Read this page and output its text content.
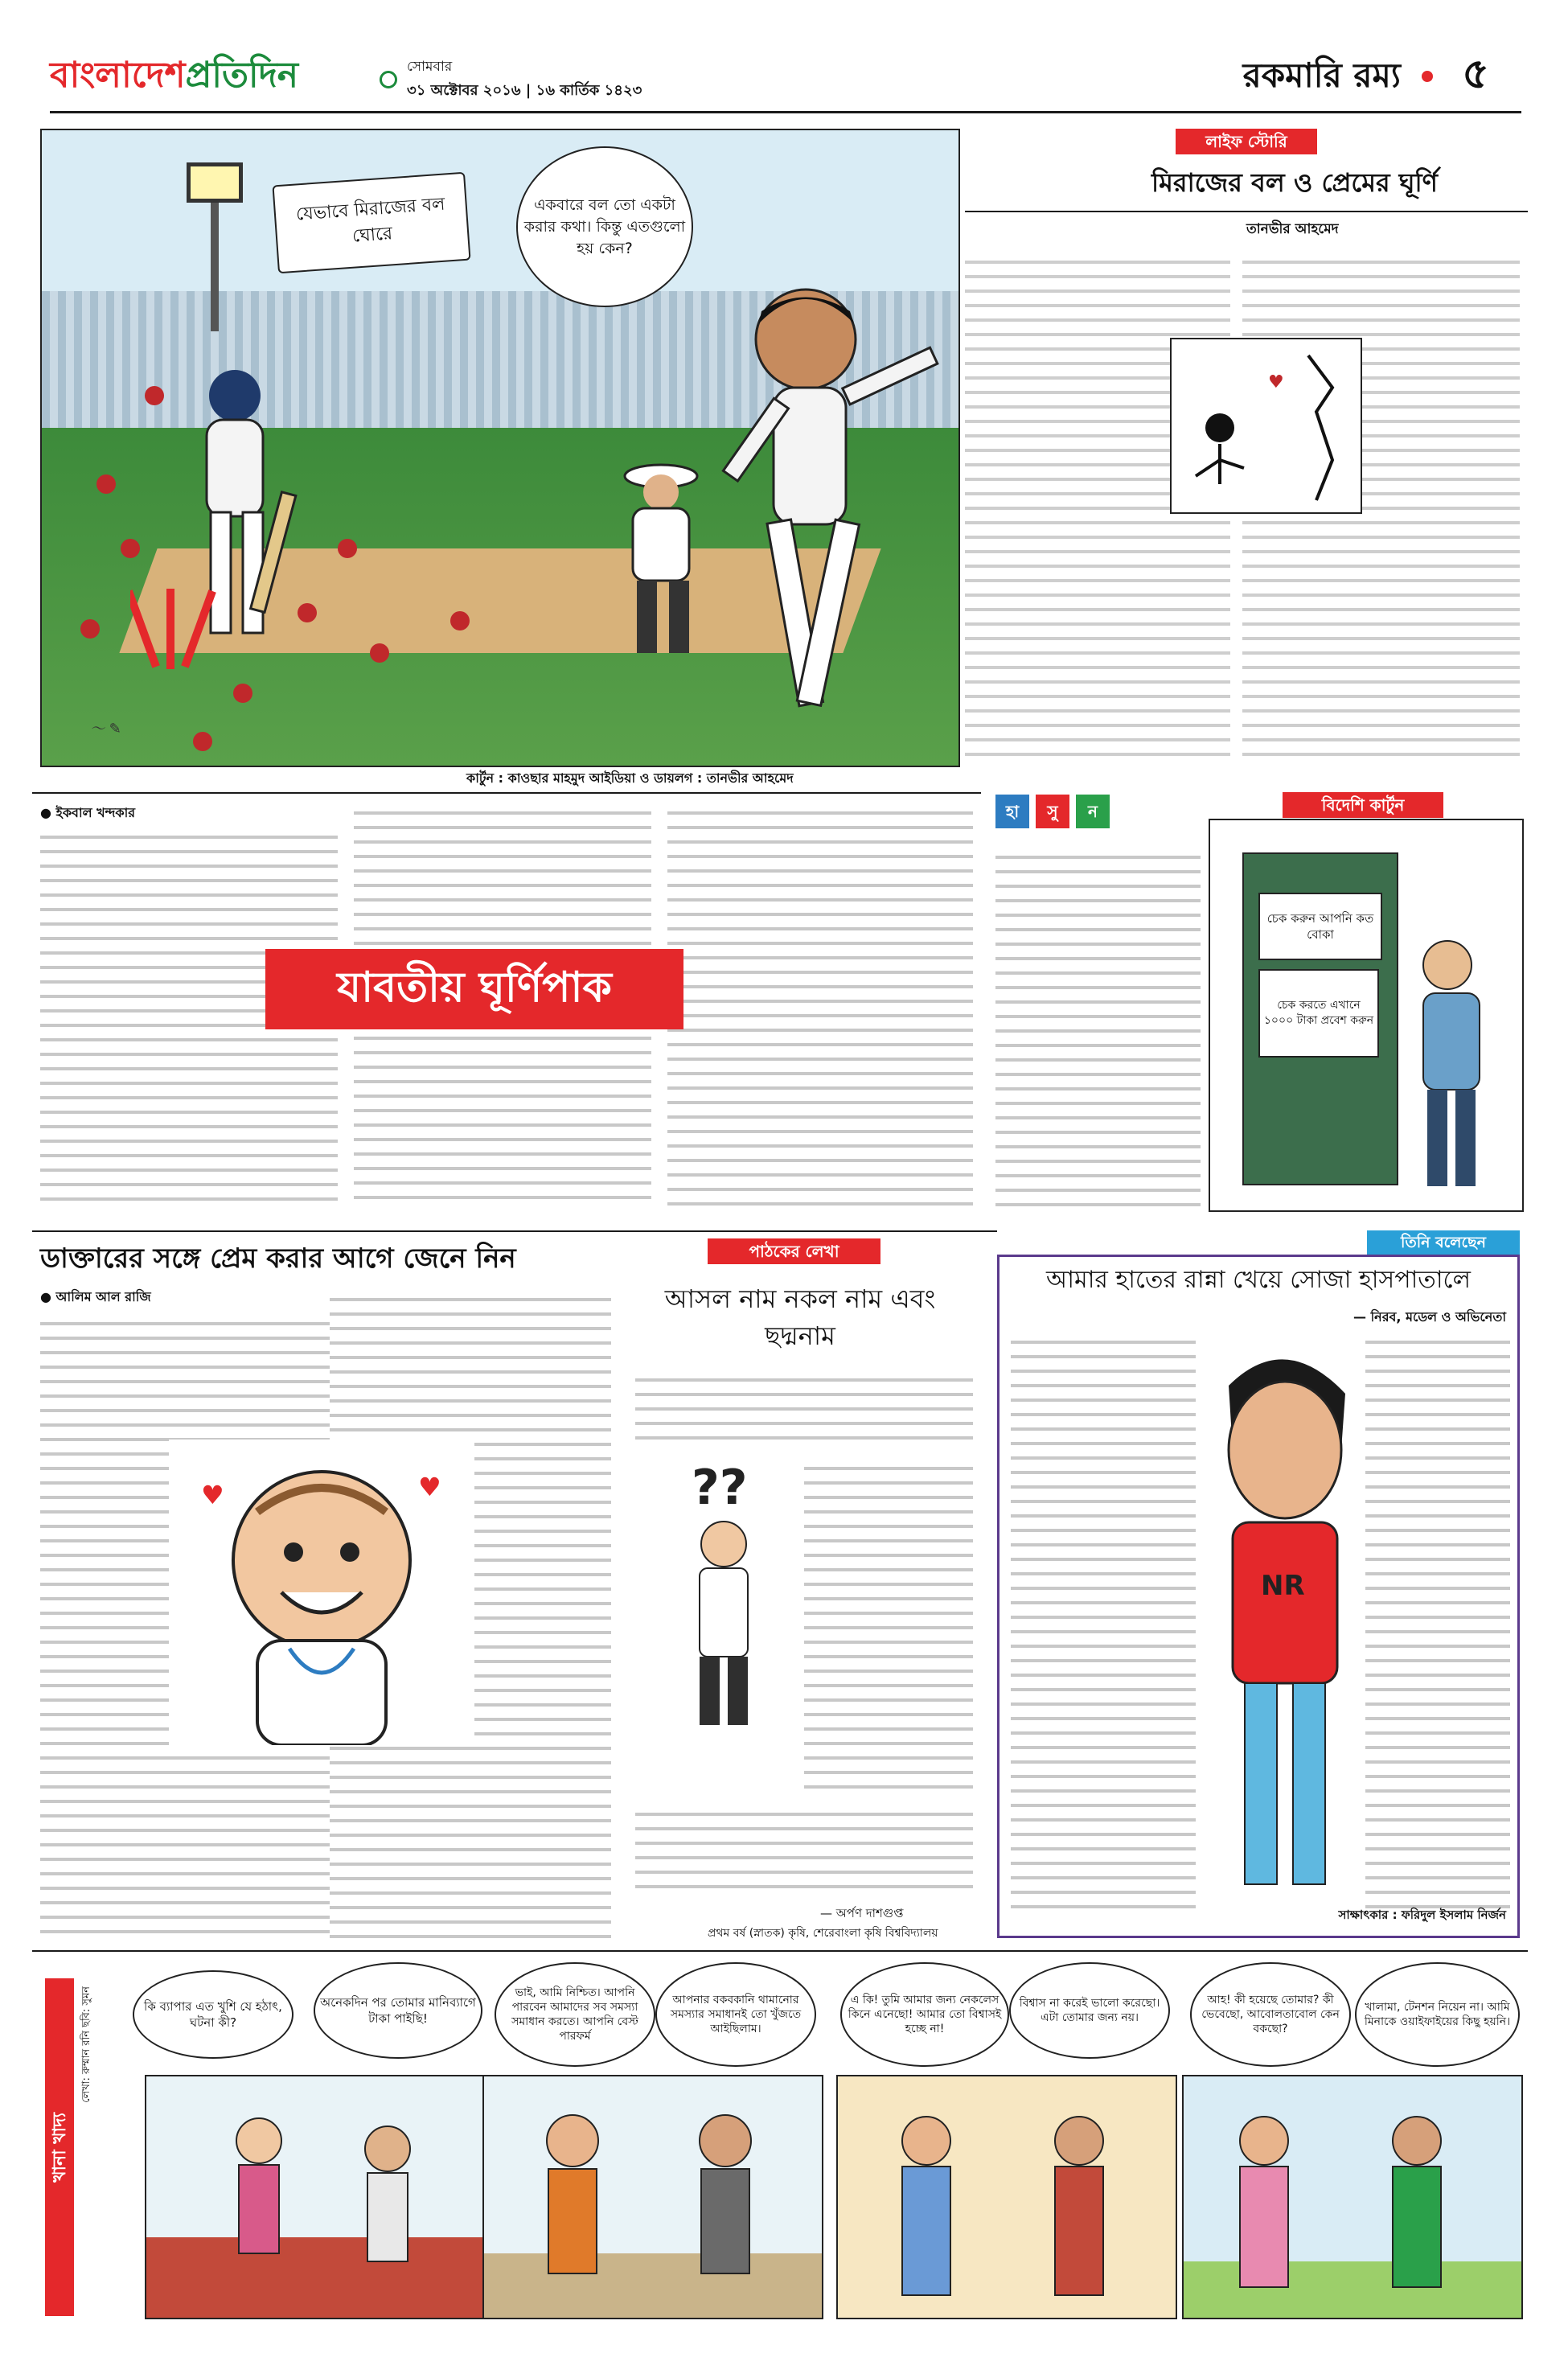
বাংলাদেশপ্রতিদিন	সোমবার
৩১ অক্টোবর ২০১৬ | ১৬ কার্তিক ১৪২৩	রকমারি রম্য ৫
যেভাবে মিরাজের বল ঘোরে
একবারে বল তো একটা করার কথা। কিন্তু এতগুলো হয় কেন?
〜 ✎
কার্টুন : কাওছার মাহমুদ আইডিয়া ও ডায়লগ : তানভীর আহমেদ
লাইফ স্টোরি
মিরাজের বল ও প্রেমের ঘূর্ণি
তানভীর আহমেদ
♥
● ইকবাল খন্দকার
যাবতীয় ঘূর্ণিপাক
হা সু ন	বিদেশি কার্টুন
চেক করুন আপনি কত বোকা
চেক করতে এখানে ১০০০ টাকা প্রবেশ করুন
ডাক্তারের সঙ্গে প্রেম করার আগে জেনে নিন
● আলিম আল রাজি
♥	♥
পাঠকের লেখা
আসল নাম নকল নাম এবং ছদ্মনাম
??
— অর্পণ দাশগুপ্ত
প্রথম বর্ষ (স্নাতক) কৃষি, শেরেবাংলা কৃষি বিশ্ববিদ্যালয়
তিনি বলেছেন
আমার হাতের রান্না খেয়ে সোজা হাসপাতালে
— নিরব, মডেল ও অভিনেতা
NR
সাক্ষাৎকার : ফরিদুল ইসলাম নির্জন
খানা খাদ্য
লেখা: রুম্মান রনি ছবি: সুমন	কি ব্যাপার এত খুশি যে হঠাৎ, ঘটনা কী?
অনেকদিন পর তোমার মানিব্যাগে টাকা পাইছি!
ভাই, আমি নিশ্চিত। আপনি পারবেন আমাদের সব সমস্যা সমাধান করতে। আপনি বেস্ট পারফর্ম
আপনার বকবকানি থামানোর সমস্যার সমাধানই তো খুঁজতে আইছিলাম।
এ কি! তুমি আমার জন্য নেকলেস কিনে এনেছো! আমার তো বিশ্বাসই হচ্ছে না!
বিশ্বাস না করেই ভালো করেছো। এটা তোমার জন্য নয়।
আহ! কী হয়েছে তোমার? কী ভেবেছো, আবোলতাবোল কেন বকছো?
খালামা, টেনশন নিয়েন না। আমি মিনাকে ওয়াইফাইয়ের কিছু হয়নি।
